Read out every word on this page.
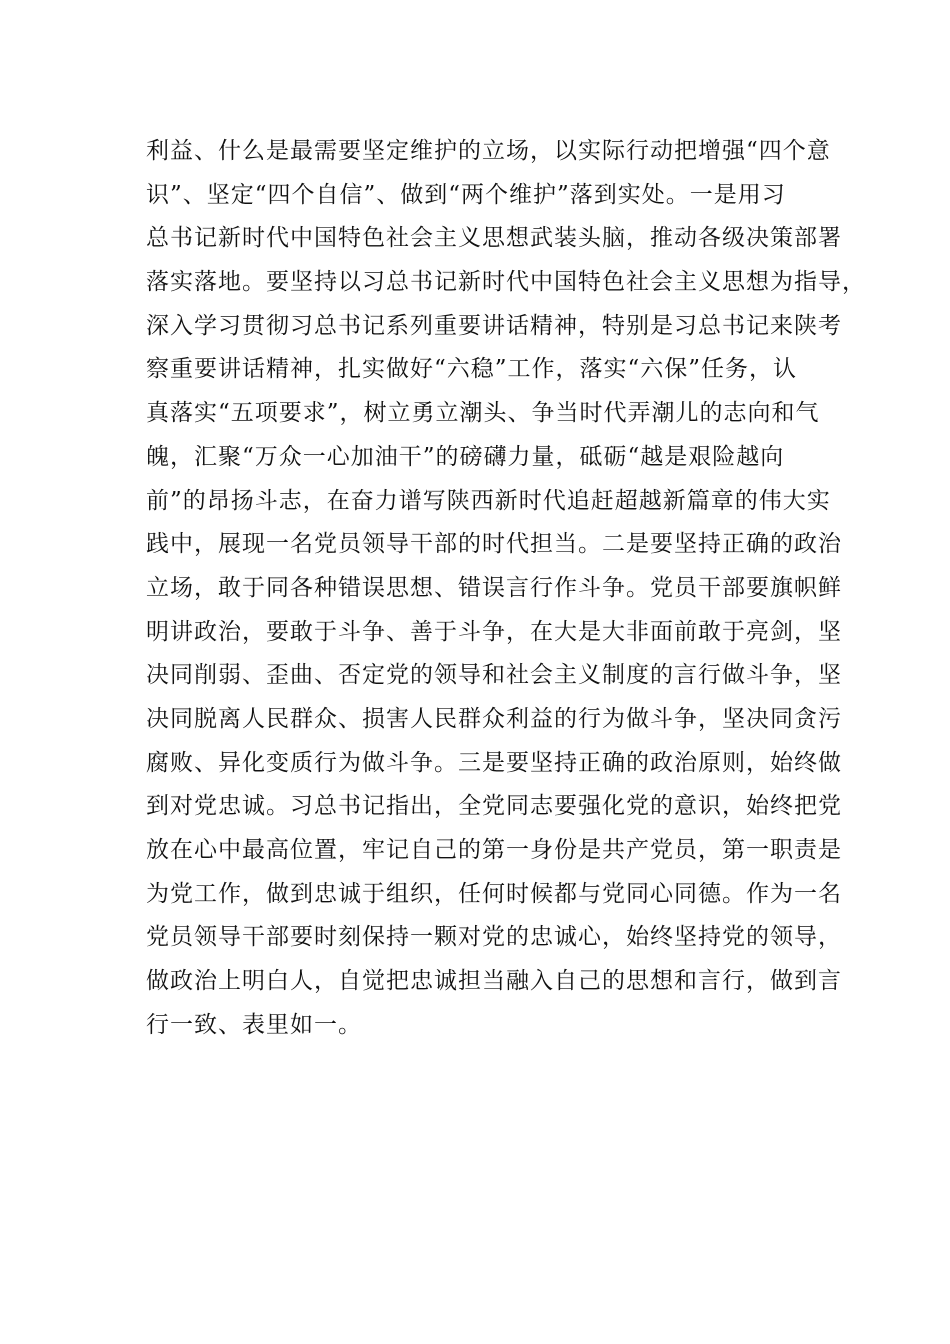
利益、什么是最需要坚定维护的立场，以实际行动把增强“四个意
识”、坚定“四个自信”、做到“两个维护”落到实处。一是用习
总书记新时代中国特色社会主义思想武装头脑，推动各级决策部署
落实落地。要坚持以习总书记新时代中国特色社会主义思想为指导，
深入学习贯彻习总书记系列重要讲话精神，特别是习总书记来陕考
察重要讲话精神，扎实做好“六稳”工作，落实“六保”任务，认
真落实“五项要求”，树立勇立潮头、争当时代弄潮儿的志向和气
魄，汇聚“万众一心加油干”的磅礴力量，砥砺“越是艰险越向
前”的昂扬斗志，在奋力谱写陕西新时代追赶超越新篇章的伟大实
践中，展现一名党员领导干部的时代担当。二是要坚持正确的政治
立场，敢于同各种错误思想、错误言行作斗争。党员干部要旗帜鲜
明讲政治，要敢于斗争、善于斗争，在大是大非面前敢于亮剑，坚
决同削弱、歪曲、否定党的领导和社会主义制度的言行做斗争，坚
决同脱离人民群众、损害人民群众利益的行为做斗争，坚决同贪污
腐败、异化变质行为做斗争。三是要坚持正确的政治原则，始终做
到对党忠诚。习总书记指出，全党同志要强化党的意识，始终把党
放在心中最高位置，牢记自己的第一身份是共产党员，第一职责是
为党工作，做到忠诚于组织，任何时候都与党同心同德。作为一名
党员领导干部要时刻保持一颗对党的忠诚心，始终坚持党的领导，
做政治上明白人，自觉把忠诚担当融入自己的思想和言行，做到言
行一致、表里如一。
